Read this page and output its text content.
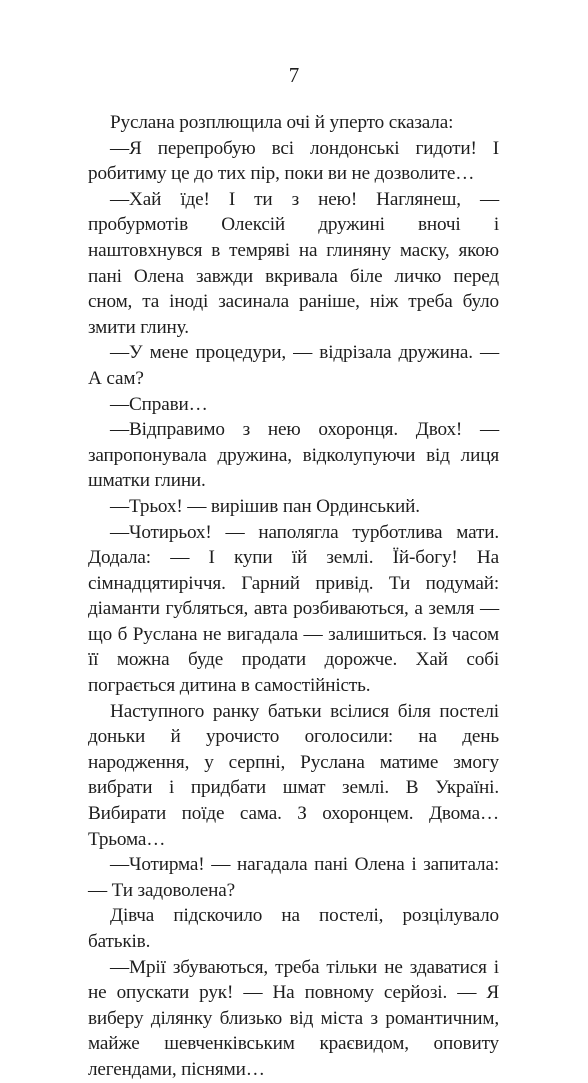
7

Руслана розплющила очі й уперто сказала:

—Я перепробую всі лондонські гидоти! І робитиму це до тих пір, поки ви не дозволите…

—Хай їде! І ти з нею! Наглянеш, — пробурмотів Олексій дружині вночі і наштовхнувся в темряві на глиняну маску, якою пані Олена завжди вкривала біле личко перед сном, та іноді засинала раніше, ніж треба було змити глину.

—У мене процедури, — відрізала дружина. — А сам?

—Справи…

—Відправимо з нею охоронця. Двох! — запропонувала дружина, відколупуючи від лиця шматки глини.

—Трьох! — вирішив пан Ординський.

—Чотирьох! — наполягла турботлива мати. Додала: — І купи їй землі. Їй-богу! На сімнадцятиріччя. Гарний привід. Ти подумай: діаманти губляться, авта розбиваються, а земля — що б Руслана не вигадала — залишиться. Із часом її можна буде продати дорожче. Хай собі пограється дитина в самостійність.

Наступного ранку батьки всілися біля постелі доньки й урочисто оголосили: на день народження, у серпні, Руслана матиме змогу вибрати і придбати шмат землі. В Україні. Вибирати поїде сама. З охоронцем. Двома… Трьома…

—Чотирма! — нагадала пані Олена і запитала: — Ти задоволена?

Дівча підскочило на постелі, розцілувало батьків.

—Мрії збуваються, треба тільки не здаватися і не опускати рук! — На повному серйозі. — Я виберу ділянку близько від міста з романтичним, майже шевченківським краєвидом, оповиту легендами, піснями…
